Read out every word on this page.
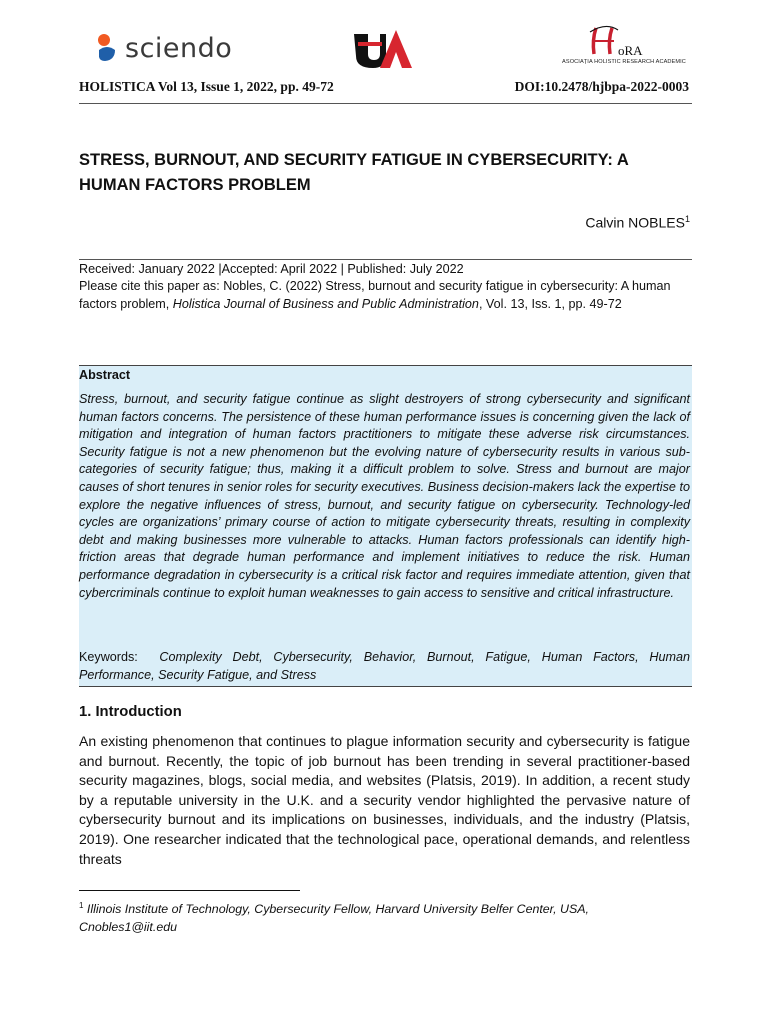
sciendo	oRA
ASOCIAȚIA HOLISTIC RESEARCH ACADEMIC
HOLISTICA Vol 13, Issue 1, 2022, pp. 49-72	DOI:10.2478/hjbpa-2022-0003
STRESS, BURNOUT, AND SECURITY FATIGUE IN CYBERSECURITY: A
HUMAN FACTORS PROBLEM
Calvin NOBLES$^1$
Received: January 2022 |Accepted: April 2022 | Published: July 2022
Please cite this paper as: Nobles, C. (2022) Stress, burnout and security fatigue in cybersecurity: A human factors problem, Holistica Journal of Business and Public Administration, Vol. 13, Iss. 1, pp. 49-72
Abstract
Stress, burnout, and security fatigue continue as slight destroyers of strong cybersecurity and significant human factors concerns. The persistence of these human performance issues is concerning given the lack of mitigation and integration of human factors practitioners to mitigate these adverse risk circumstances. Security fatigue is not a new phenomenon but the evolving nature of cybersecurity results in various sub-categories of security fatigue; thus, making it a difficult problem to solve. Stress and burnout are major causes of short tenures in senior roles for security executives. Business decision-makers lack the expertise to explore the negative influences of stress, burnout, and security fatigue on cybersecurity. Technology-led cycles are organizations’ primary course of action to mitigate cybersecurity threats, resulting in complexity debt and making businesses more vulnerable to attacks. Human factors professionals can identify high-friction areas that degrade human performance and implement initiatives to reduce the risk. Human performance degradation in cybersecurity is a critical risk factor and requires immediate attention, given that cybercriminals continue to exploit human weaknesses to gain access to sensitive and critical infrastructure.
Keywords: Complexity Debt, Cybersecurity, Behavior, Burnout, Fatigue, Human Factors, Human Performance, Security Fatigue, and Stress
1. Introduction
An existing phenomenon that continues to plague information security and cybersecurity is fatigue and burnout. Recently, the topic of job burnout has been trending in several practitioner-based security magazines, blogs, social media, and websites (Platsis, 2019). In addition, a recent study by a reputable university in the U.K. and a security vendor highlighted the pervasive nature of cybersecurity burnout and its implications on businesses, individuals, and the industry (Platsis, 2019). One researcher indicated that the technological pace, operational demands, and relentless threats
$^1$ Illinois Institute of Technology, Cybersecurity Fellow, Harvard University Belfer Center, USA, Cnobles1@iit.edu
